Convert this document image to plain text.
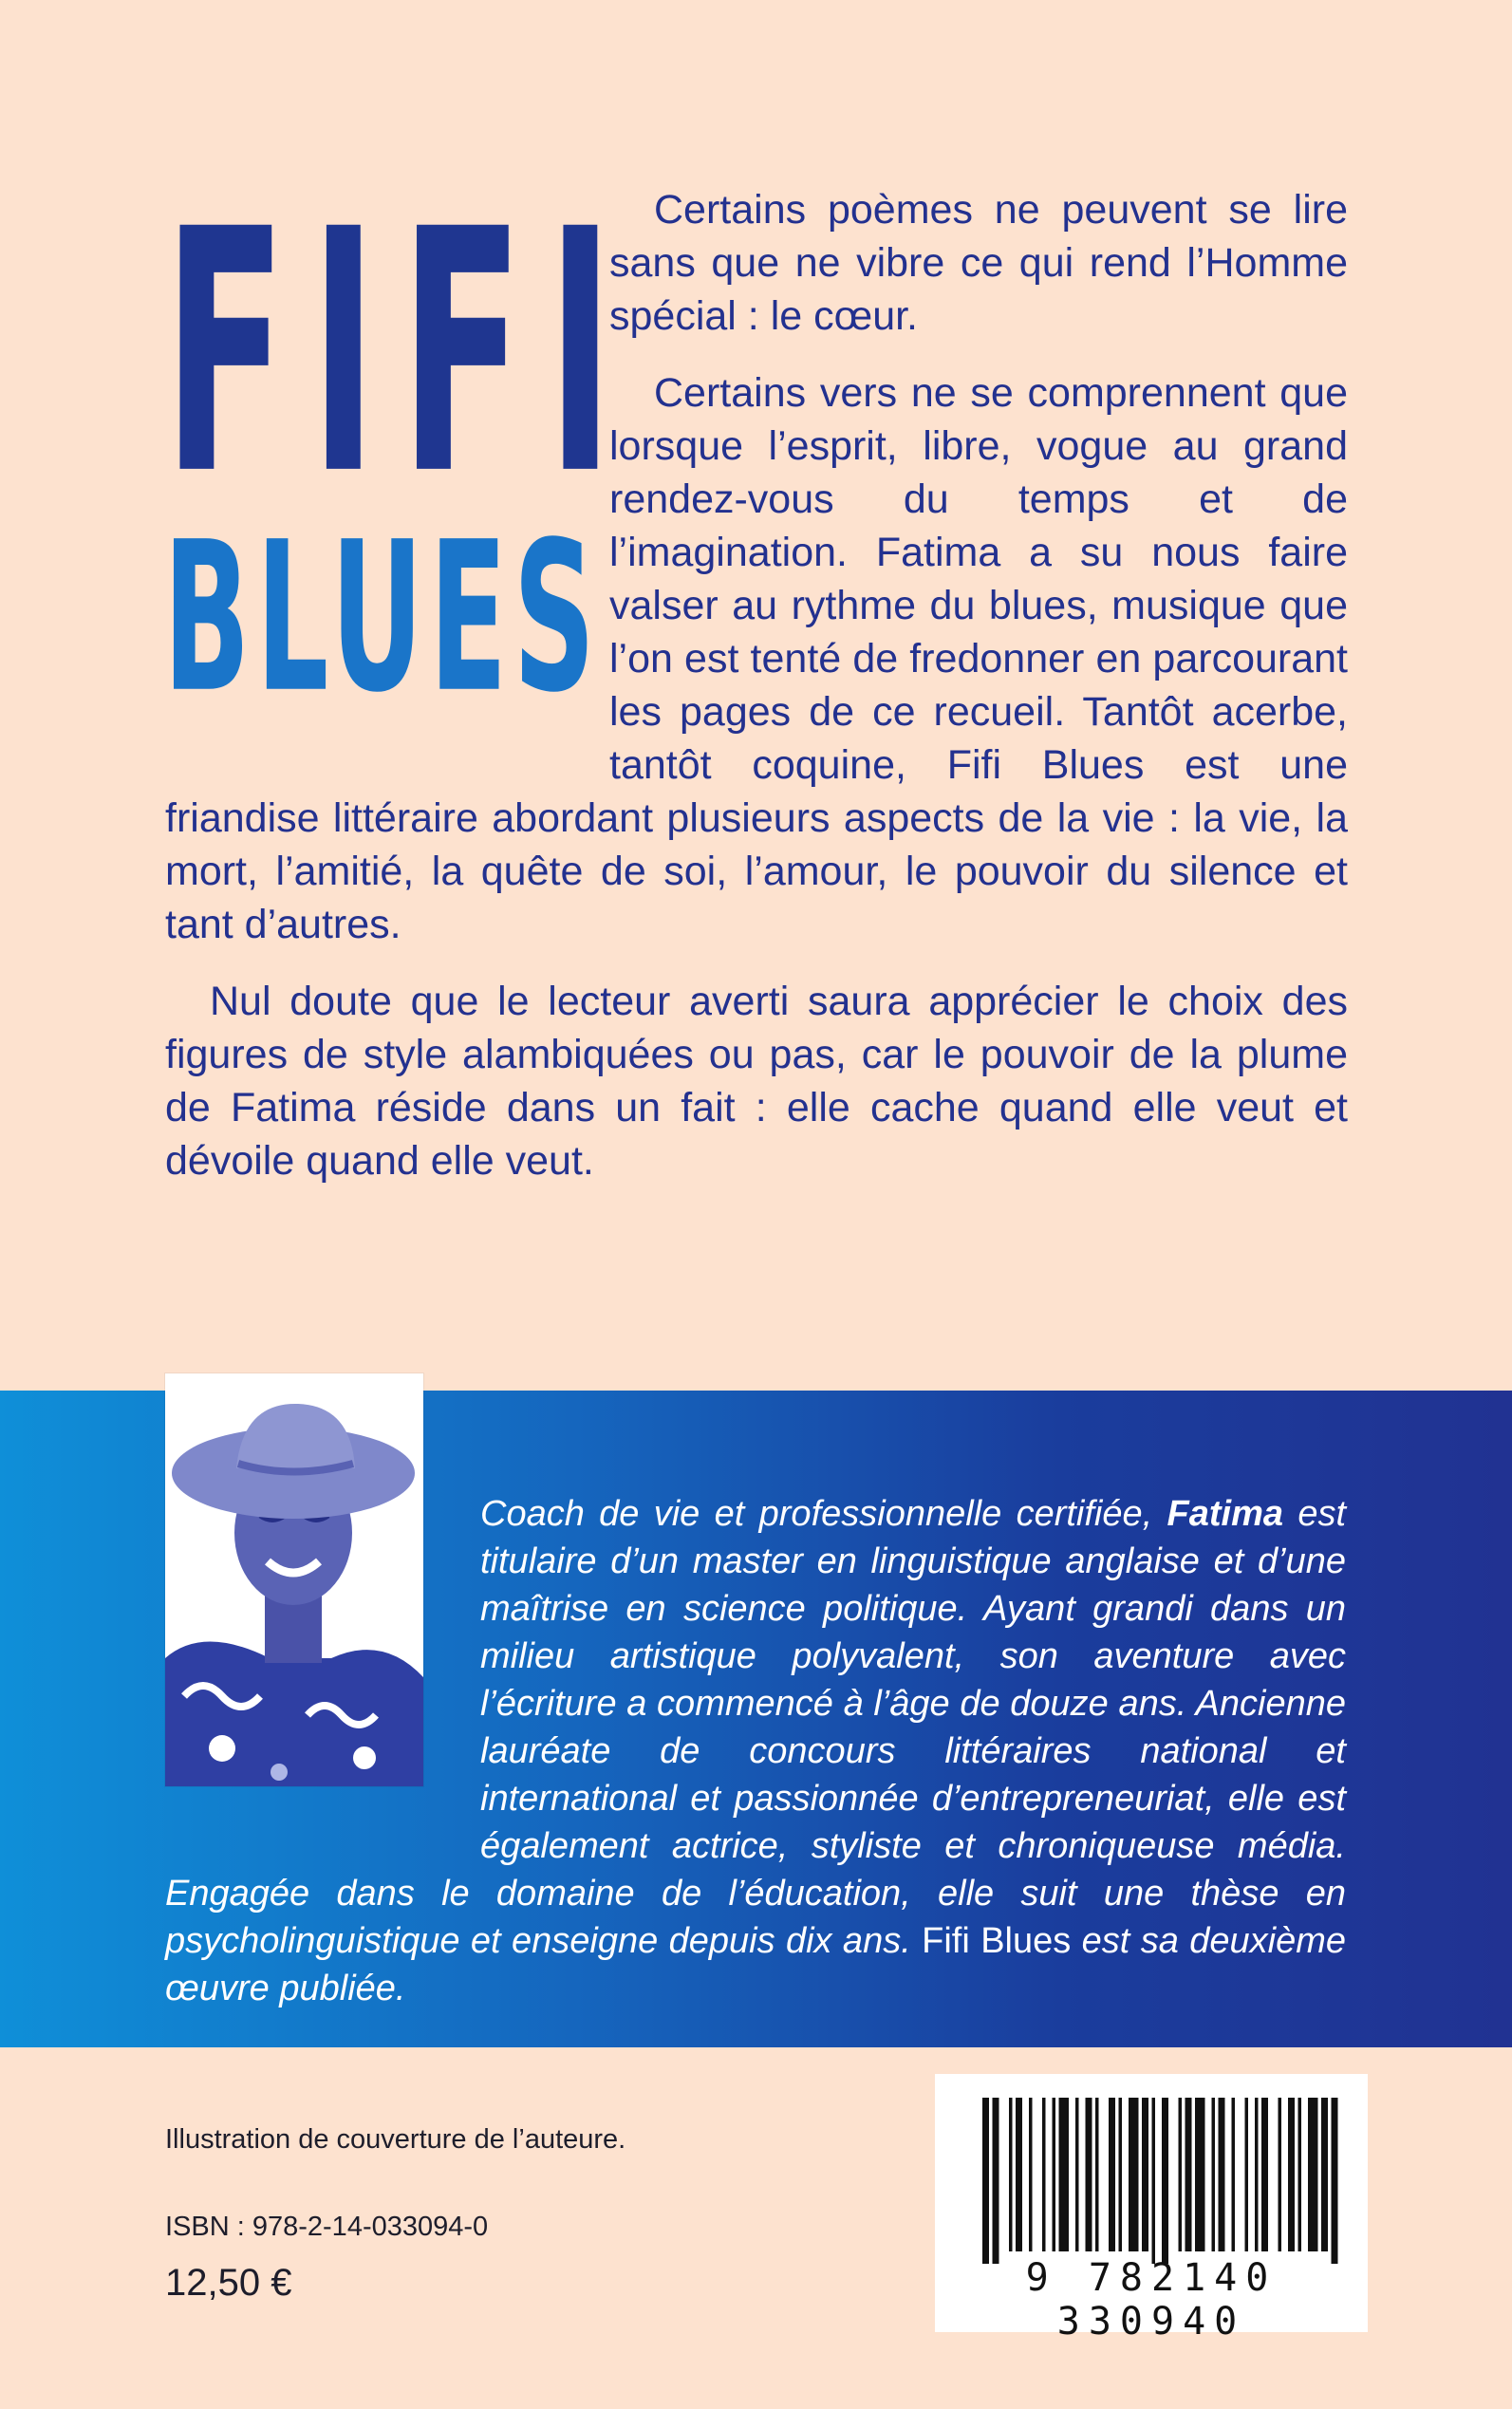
FIFI
BLUES

Certains poèmes ne peuvent se lire sans que ne vibre ce qui rend l’Homme spécial : le cœur.

Certains vers ne se comprennent que lorsque l’esprit, libre, vogue au grand rendez-vous du temps et de l’imagination. Fatima a su nous faire valser au rythme du blues, musique que l’on est tenté de fredonner en parcourant les pages de ce recueil. Tantôt acerbe, tantôt coquine, Fifi Blues est une friandise littéraire abordant plusieurs aspects de la vie : la vie, la mort, l’amitié, la quête de soi, l’amour, le pouvoir du silence et tant d’autres.

Nul doute que le lecteur averti saura apprécier le choix des figures de style alambiquées ou pas, car le pouvoir de la plume de Fatima réside dans un fait : elle cache quand elle veut et dévoile quand elle veut.

Coach de vie et professionnelle certifiée, Fatima est titulaire d’un master en linguistique anglaise et d’une maîtrise en science politique. Ayant grandi dans un milieu artistique polyvalent, son aventure avec l’écriture a commencé à l’âge de douze ans. Ancienne lauréate de concours littéraires national et international et passionnée d’entrepreneuriat, elle est également actrice, styliste et chroniqueuse média. Engagée dans le domaine de l’éducation, elle suit une thèse en psycholinguistique et enseigne depuis dix ans. Fifi Blues est sa deuxième œuvre publiée.

Illustration de couverture de l’auteure.

ISBN : 978-2-14-033094-0

12,50 €	9 782140 330940
